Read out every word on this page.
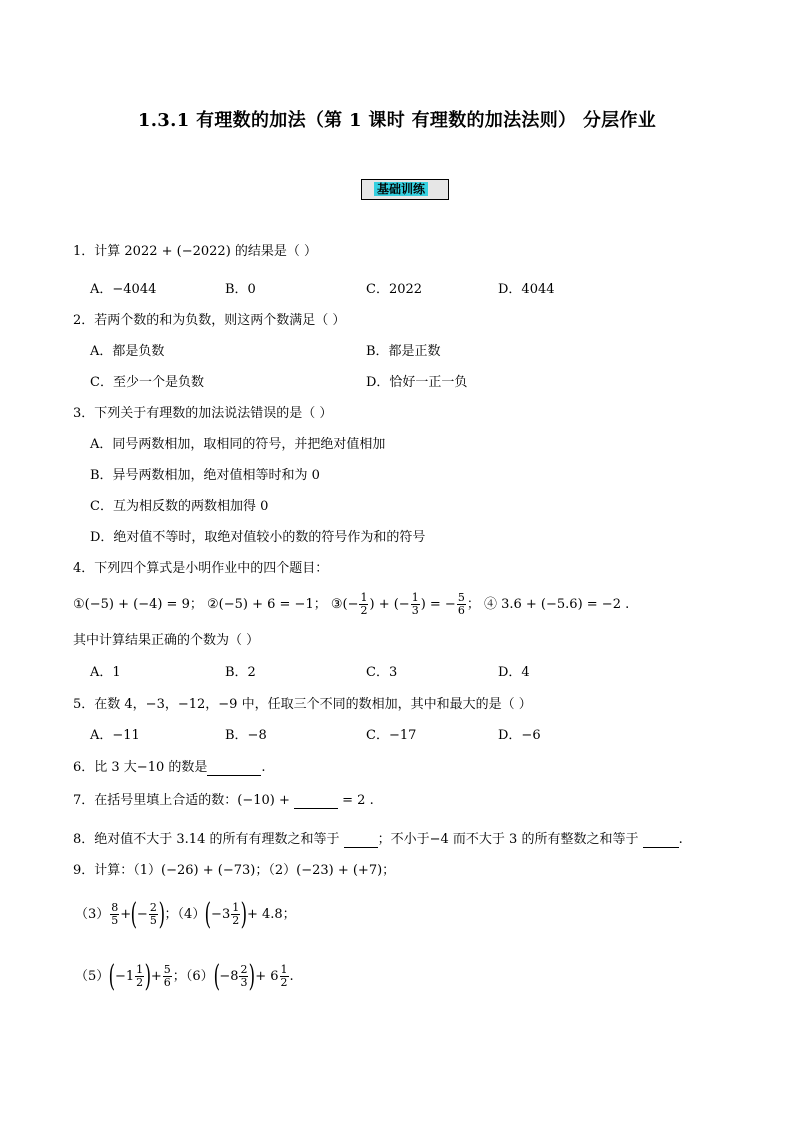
1.3.1 有理数的加法（第 1 课时 有理数的加法法则） 分层作业
基础训练
1．计算 2022 + (−2022) 的结果是（ ）
A．−4044	B．0	C．2022	D．4044
2．若两个数的和为负数，则这两个数满足（ ）
A．都是负数	B．都是正数
C．至少一个是负数	D．恰好一正一负
3．下列关于有理数的加法说法错误的是（ ）
A．同号两数相加，取相同的符号，并把绝对值相加
B．异号两数相加，绝对值相等时和为 0
C．互为相反数的两数相加得 0
D．绝对值不等时，取绝对值较小的数的符号作为和的符号
4．下列四个算式是小明作业中的四个题目：
①(−5) + (−4) = 9； ②(−5) + 6 = −1； ③(− $\frac{1}{2}$ ) + (− $\frac{1}{3}$ ) = − $\frac{5}{6}$ ； ④ 3.6 + (−5.6) = −2 .
其中计算结果正确的个数为（ ）
A．1	B．2	C．3	D．4
5．在数 4，−3，−12，−9 中，任取三个不同的数相加，其中和最大的是（ ）
A．−11	B．−8	C．−17	D．−6
6．比 3 大−10 的数是	.
7．在括号里填上合适的数：(−10) +	= 2 .
8．绝对值不大于 3.14 的所有有理数之和等于	；不小于−4 而不大于 3 的所有整数之和等于	.
9．计算：（1）(−26) + (−73)；（2）(−23) + (+7)；
$(3) \frac{8}{5}$ +(− $\frac{2}{5}$ )；$(4)(-3 \frac{1}{2}$ )+ 4.8；
$(5)(-1 \frac{1}{2}$ )+ $\frac{5}{6}$ ；$(6)(-8 \frac{2}{3}$ )+ $6 \frac{1}{2}$ .
